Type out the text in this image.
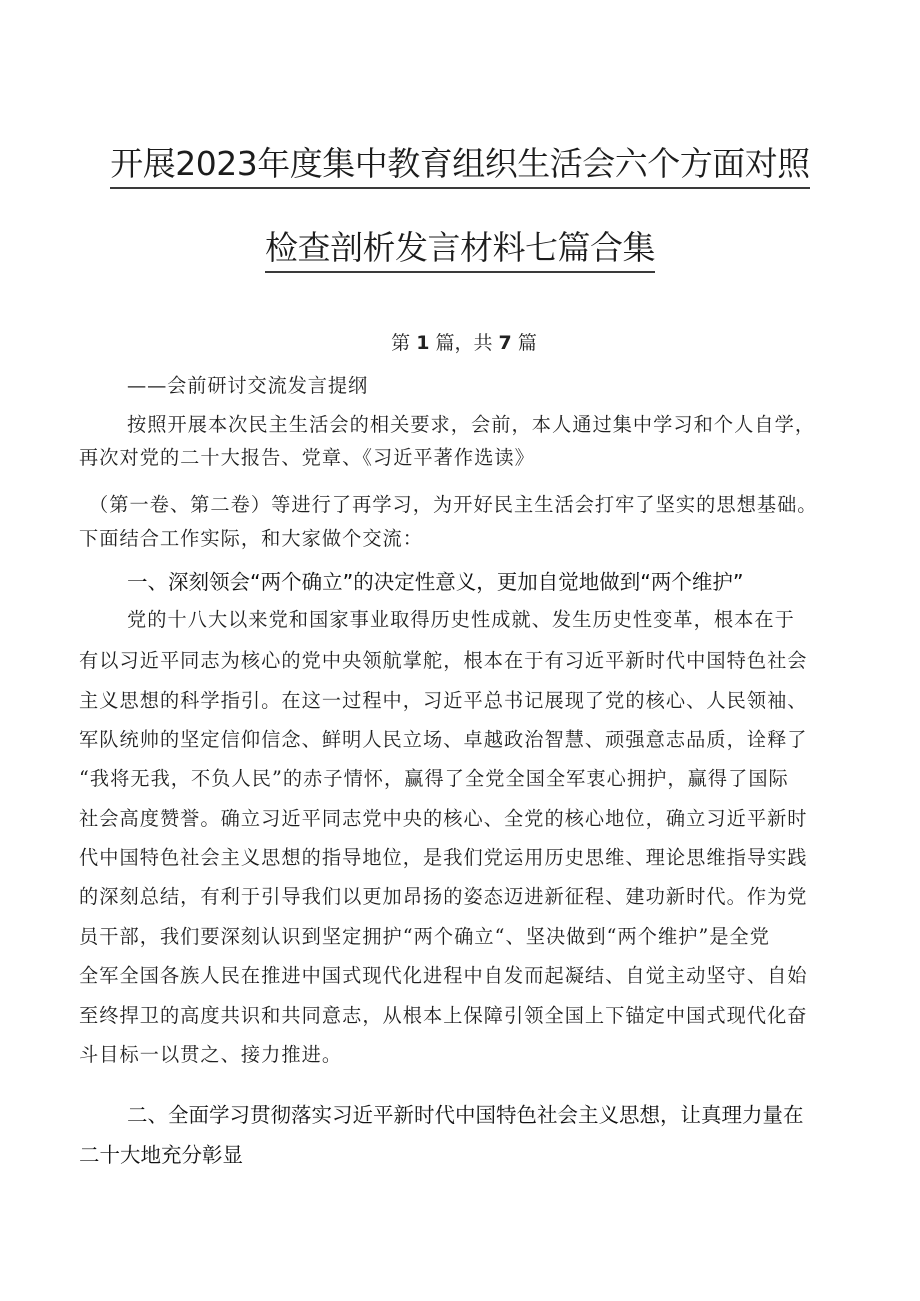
开展2023年度集中教育组织生活会六个方面对照
检查剖析发言材料七篇合集
第 1 篇，共 7 篇
——会前研讨交流发言提纲
按照开展本次民主生活会的相关要求，会前，本人通过集中学习和个人自学，
再次对党的二十大报告、党章、《习近平著作选读》
（第一卷、第二卷）等进行了再学习，为开好民主生活会打牢了坚实的思想基础。
下面结合工作实际，和大家做个交流：
一、深刻领会“两个确立”的决定性意义，更加自觉地做到“两个维护”
党的十八大以来党和国家事业取得历史性成就、发生历史性变革，根本在于
有以习近平同志为核心的党中央领航掌舵，根本在于有习近平新时代中国特色社会
主义思想的科学指引。在这一过程中，习近平总书记展现了党的核心、人民领袖、
军队统帅的坚定信仰信念、鲜明人民立场、卓越政治智慧、顽强意志品质，诠释了
“我将无我，不负人民”的赤子情怀，赢得了全党全国全军衷心拥护，赢得了国际
社会高度赞誉。确立习近平同志党中央的核心、全党的核心地位，确立习近平新时
代中国特色社会主义思想的指导地位，是我们党运用历史思维、理论思维指导实践
的深刻总结，有利于引导我们以更加昂扬的姿态迈进新征程、建功新时代。作为党
员干部，我们要深刻认识到坚定拥护“两个确立“、坚决做到“两个维护”是全党
全军全国各族人民在推进中国式现代化进程中自发而起凝结、自觉主动坚守、自始
至终捍卫的高度共识和共同意志，从根本上保障引领全国上下锚定中国式现代化奋
斗目标一以贯之、接力推进。
二、全面学习贯彻落实习近平新时代中国特色社会主义思想，让真理力量在
二十大地充分彰显
